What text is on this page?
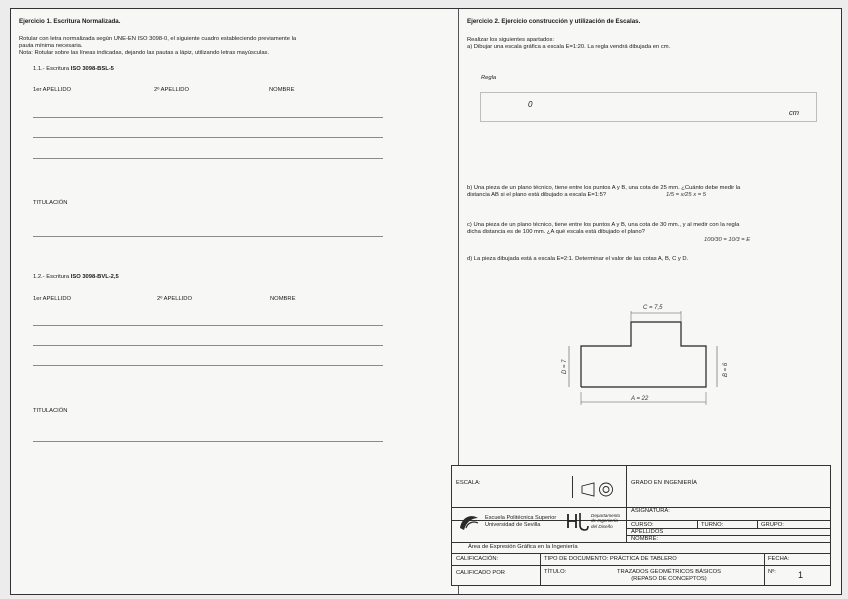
Ejercicio 1. Escritura Normalizada.
Rotular con letra normalizada según UNE-EN ISO 3098-0, el siguiente cuadro estableciendo previamente la
pauta mínima necesaria.
Nota: Rotular sobre las líneas indicadas, dejando las pautas a lápiz, utilizando letras mayúsculas.
1.1.- Escritura ISO 3098-BSL-5
1er APELLIDO	2º APELLIDO	NOMBRE
TITULACIÓN
1.2.- Escritura ISO 3098-BVL-2,5
1er APELLIDO	2º APELLIDO	NOMBRE
TITULACIÓN
Ejercicio 2. Ejercicio construcción y utilización de Escalas.
Realizar los siguientes apartados:
a) Dibujar una escala gráfica a escala E=1:20. La regla vendrá dibujada en cm.
Regla
0
cm
b) Una pieza de un plano técnico, tiene entre los puntos A y B, una cota de 25 mm. ¿Cuánto debe medir la
distancia AB si el plano está dibujado a escala E=1:5?	1/5 = x/25 x = 5
c) Una pieza de un plano técnico, tiene entre los puntos A y B, una cota de 30 mm., y al medir con la regla
dicha distancia es de 100 mm. ¿A qué escala está dibujado el plano?
100/30 = 10/3 = E
d) La pieza dibujada está a escala E=2:1. Determinar el valor de las cotas A, B, C y D.
C = 7,5
A = 22
D = 7	B = 6
ESCALA:	GRADO EN INGENIERÍA
ASIGNATURA:
CURSO:	TURNO:	GRUPO:
APELLIDOS
NOMBRE:
Escuela Politécnica Superior
Universidad de Sevilla
Departamento
de Ingeniería
del Diseño
Área de Expresión Gráfica en la Ingeniería
CALIFICACIÓN:	TIPO DE DOCUMENTO: PRÁCTICA DE TABLERO	FECHA:
CALIFICADO POR	TÍTULO:	TRAZADOS GEOMÉTRICOS BÁSICOS
(REPASO DE CONCEPTOS)
Nº: 1
